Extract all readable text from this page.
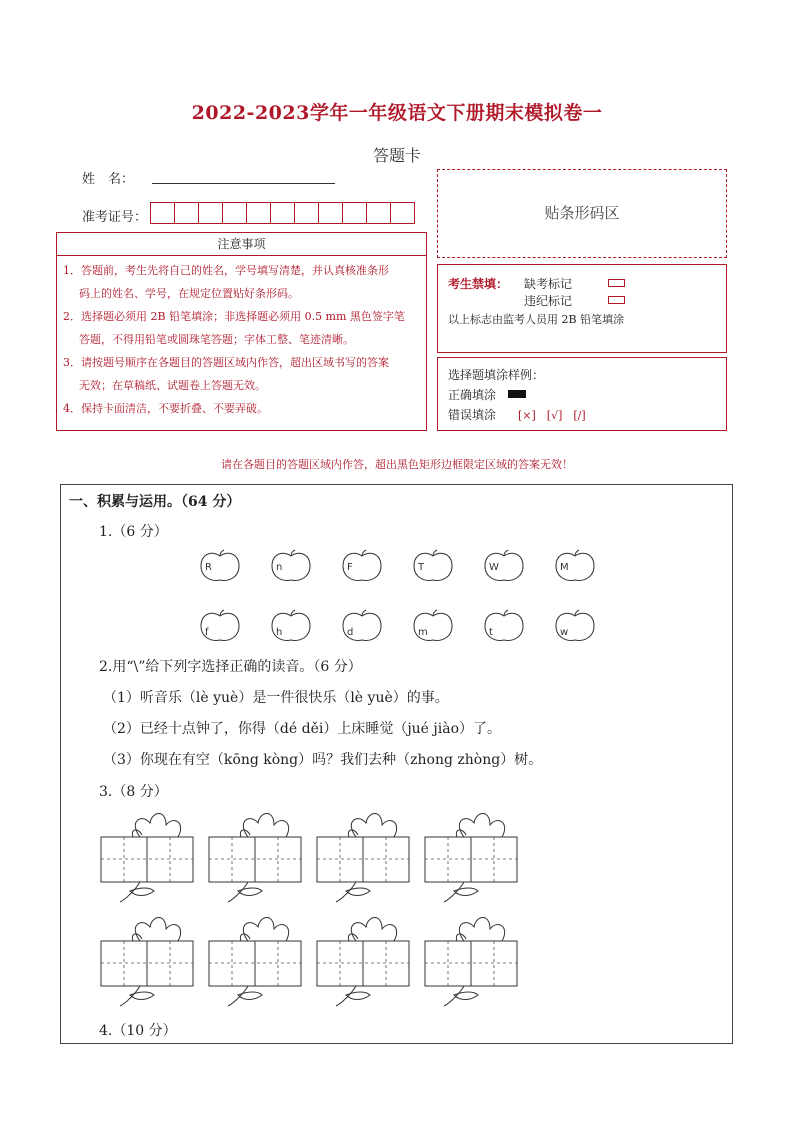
2022-2023学年一年级语文下册期末模拟卷一
答题卡
姓　名：
准考证号：	贴条形码区
注意事项
1．答题前，考生先将自己的姓名，学号填写清楚，并认真核准条形
码上的姓名、学号，在规定位置贴好条形码。
2．选择题必须用 2B 铅笔填涂；非选择题必须用 0.5 mm 黑色签字笔
答题，不得用铅笔或圆珠笔答题；字体工整、笔迹清晰。
3．请按题号顺序在各题目的答题区域内作答，超出区域书写的答案
无效；在草稿纸、试题卷上答题无效。
4．保持卡面清洁，不要折叠、不要弄破。
考生禁填： 缺考标记
违纪标记
以上标志由监考人员用 2B 铅笔填涂
选择题填涂样例：
正确填涂
错误填涂 [×]　[√]　[/]
请在各题目的答题区域内作答，超出黑色矩形边框限定区域的答案无效！
一、积累与运用。（64 分）
1.（6 分）
R	n	F	T	W	M
f	h	d	m	t	w
2.用“\”给下列字选择正确的读音。（6 分）
（1）听音乐（lè yuè）是一件很快乐（lè yuè）的事。
（2）已经十点钟了，你得（dé děi）上床睡觉（jué jiào）了。
（3）你现在有空（kōng kòng）吗？我们去种（zhong zhòng）树。
3.（8 分）
4.（10 分）
